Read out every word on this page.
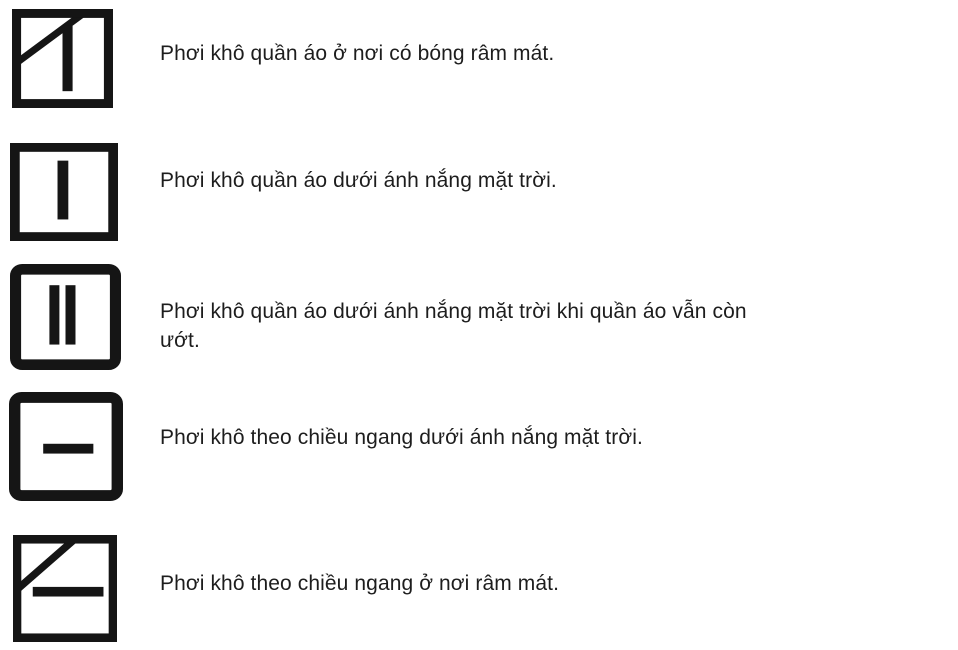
Phơi khô quần áo ở nơi có bóng râm mát.
Phơi khô quần áo dưới ánh nắng mặt trời.
Phơi khô quần áo dưới ánh nắng mặt trời khi quần áo vẫn còn ướt.
Phơi khô theo chiều ngang dưới ánh nắng mặt trời.
Phơi khô theo chiều ngang ở nơi râm mát.
